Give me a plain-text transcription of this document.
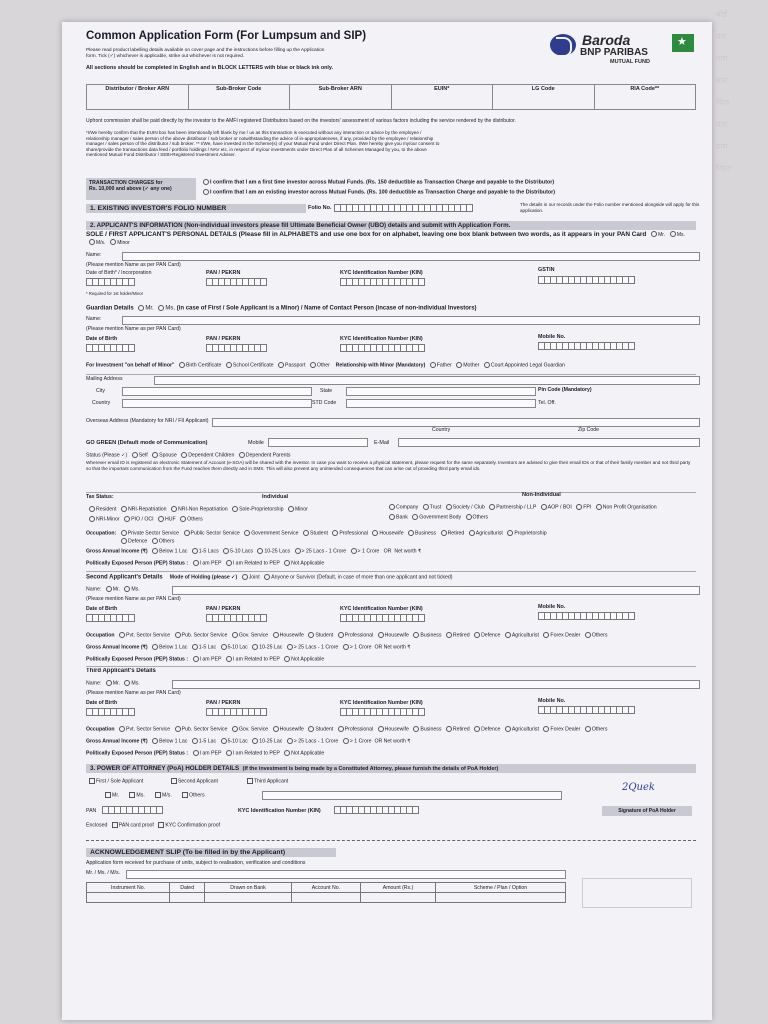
बोर्ड
पार
नाम
ग्राम
पिता
पता
ग्राम
जिला
Common Application Form (For Lumpsum and SIP)
Please read product labelling details available on cover page and the instructions before filling up the Application
form. Tick (✓) whichever is applicable, strike out whichever is not required.
All sections should be completed in English and in BLOCK LETTERS with blue or black ink only.
Baroda
BNP PARIBAS
MUTUAL FUND
★
Distributor / Broker ARN	Sub-Broker Code	Sub-Broker ARN	EUIN*	LG Code	RIA Code**
Upfront commission shall be paid directly by the investor to the AMFI registered Distributors based on the investors' assessment of various factors including the service rendered by the distributor.
*I/We hereby confirm that the EUIN box has been intentionally left blank by me / us as this transaction is executed without any interaction or advice by the employee / relationship manager / sales person of the above distributor / sub broker or notwithstanding the advice of in-appropriateness, if any, provided by the employee / relationship manager / sales person of the distributor / sub broker. ** I/We, have invested in the Scheme(s) of your Mutual Fund under Direct Plan. I/We hereby give you my/our consent to share/provide the transactions data feed / portfolio holdings / NAV etc. in respect of my/our investments under Direct Plan of all Schemes Managed by you, to the above mentioned Mutual Fund Distributor / SEBI-Registered Investment Adviser.
TRANSACTION CHARGES for
Rs. 10,000 and above (✓ any one)
I confirm that I am a first time investor across Mutual Funds. (Rs. 150 deductible as Transaction Charge and payable to the Distributor)
I confirm that I am an existing investor across Mutual Funds. (Rs. 100 deductible as Transaction Charge and payable to the Distributor)
1. EXISTING INVESTOR'S FOLIO NUMBER	Folio No.
The details in our records under the Folio number mentioned alongside will apply for this application.
2. APPLICANT'S INFORMATION (Non-individual investors please fill Ultimate Beneficial Owner (UBO) details and submit with Application Form.
SOLE / FIRST APPLICANT'S PERSONAL DETAILS (Please fill in ALPHABETS and use one box for on alphabet, leaving one box blank between two words, as it appears in your PAN Card Mr. Ms. M/s. Minor
Name:
(Please mention Name as per PAN Card)
Date of Birth* / Incorporation	PAN / PEKRN	KYC Identification Number (KIN)	GSTIN
* Required for 1st holder/Minor
Guardian Details Mr. Ms. (in case of First / Sole Applicant is a Minor) / Name of Contact Person (incase of non-individual Investors)
Name:
(Please mention Name as per PAN Card)
Date of Birth	PAN / PEKRN	KYC Identification Number (KIN)	Mobile No.
For Investment "on behalf of Minor" Birth Certificate School Certificate Passport Other Relationship with Minor (Mandatory) Father Mother Court Appointed Legal Guardian
Mailing Address
City	State	Pin Code (Mandatory)
Country	STD Code	Tel. Off.
Overseas Address (Mandatory for NRI / FII Applicant)
Country	Zip Code
GO GREEN (Default mode of Communication)	Mobile	E-Mail
Status (Please ✓) Self Spouse Dependent Children Dependent Parents
Wherever email ID is registered an electronic Statement of Account (e-SOA) will be shared with the investor. In case you want to receive a physical statement, please request for the same separately. Investors are advised to give their email IDs or that of their family member and not third party so that the important communication from the Fund reaches them directly and in SMS. This will also prevent any unintended consequences that can arise out of providing third party email ids.
Tax Status:	Individual	Non-Individual
Resident NRI-Repatriation NRI-Non Repatriation Sole-Proprietorship Minor
NRI-Minor PIO / OCI HUF Others
Company Trust Society / Club Partnership / LLP AOP / BOI FPI Non Profit Organisation
Bank Government Body Others
Occupation: Private Sector Service Public Sector Service Government Service Student Professional Housewife Business Retired Agriculturist Proprietorship
Defence Others
Gross Annual Income (₹) Below 1 Lac 1-5 Lacs 5-10 Lacs 10-25 Lacs > 25 Lacs - 1 Crore > 1 Crore OR Net worth ₹
Politically Exposed Person (PEP) Status : I am PEP I am Related to PEP Not Applicable
Second Applicant's Details Mode of Holding (please ✓) Joint Anyone or Survivor (Default, in case of more than one applicant and not ticked)
Name: Mr. Ms.
(Please mention Name as per PAN Card)
Date of Birth	PAN / PEKRN	KYC Identification Number (KIN)	Mobile No.
Occupation Pvt. Sector Service Pub. Sector Service Gov. Service Housewife Student Professional Housewife Business Retired Defence Agriculturist Forex Dealer Others
Gross Annual Income (₹) Below 1 Lac 1-5 Lac 5-10 Lac 10-25 Lac > 25 Lacs - 1 Crore > 1 Crore OR Net worth ₹
Politically Exposed Person (PEP) Status : I am PEP I am Related to PEP Not Applicable
Third Applicant's Details
Name: Mr. Ms.
(Please mention Name as per PAN Card)
Date of Birth	PAN / PEKRN	KYC Identification Number (KIN)	Mobile No.
Occupation Pvt. Sector Service Pub. Sector Service Gov. Service Housewife Student Professional Housewife Business Retired Defence Agriculturist Forex Dealer Others
Gross Annual Income (₹) Below 1 Lac 1-5 Lac 5-10 Lac 10-25 Lac > 25 Lacs - 1 Crore > 1 Crore OR Net worth ₹
Politically Exposed Person (PEP) Status : I am PEP I am Related to PEP Not Applicable
3. POWER OF ATTORNEY (PoA) HOLDER DETAILS (If the investment is being made by a Constituted Attorney, please furnish the details of PoA Holder)
First / Sole Applicant	Second Applicant	Third Applicant
Mr.	Ms.	M/s.	Others
PAN	KYC Identification Number (KIN)
Enclosed PAN card proof KYC Confirmation proof
2Quek
Signature of PoA Holder
ACKNOWLEDGEMENT SLIP (To be filled in by the Applicant)
Application form received for purchase of units, subject to realisation, verification and conditions
Mr. / Ms. / M/s.
Instrument No.	Dated	Drawn on Bank	Account No.	Amount (Rs.)	Scheme / Plan / Option
